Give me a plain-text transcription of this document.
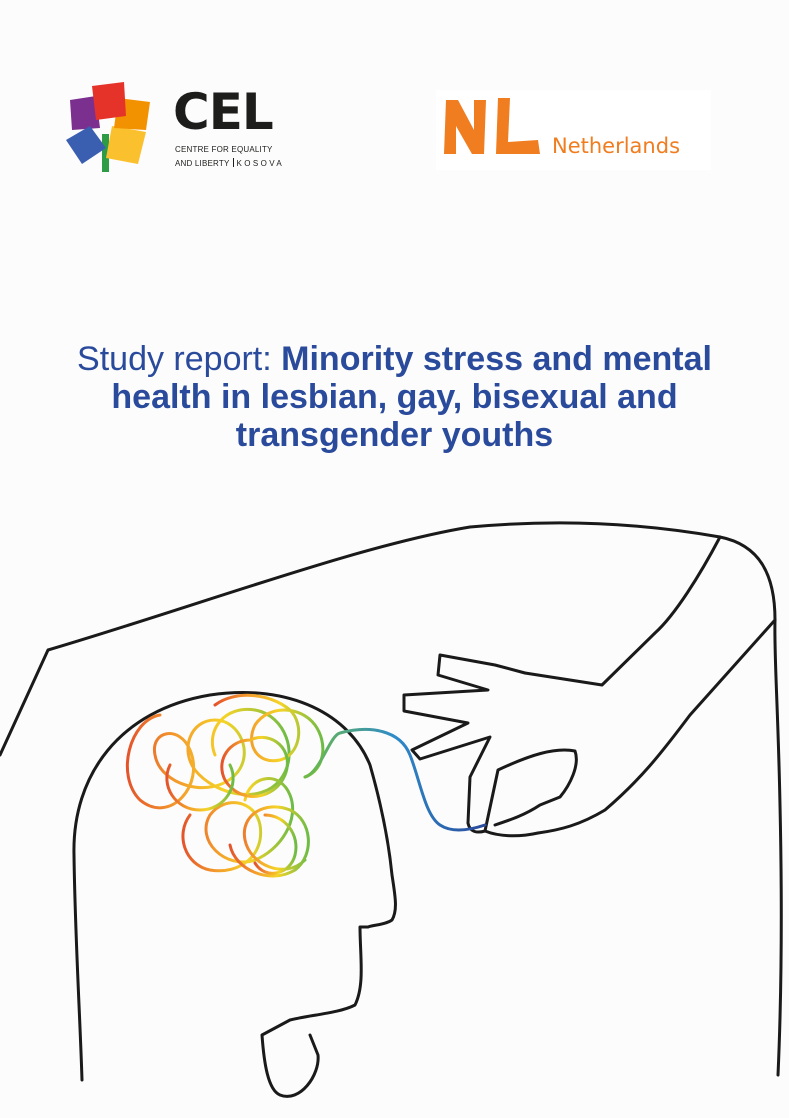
CEL
CENTRE FOR EQUALITY
AND LIBERTY KOSOVA
Netherlands
Study report: Minority stress and mental health in lesbian, gay, bisexual and transgender youths
